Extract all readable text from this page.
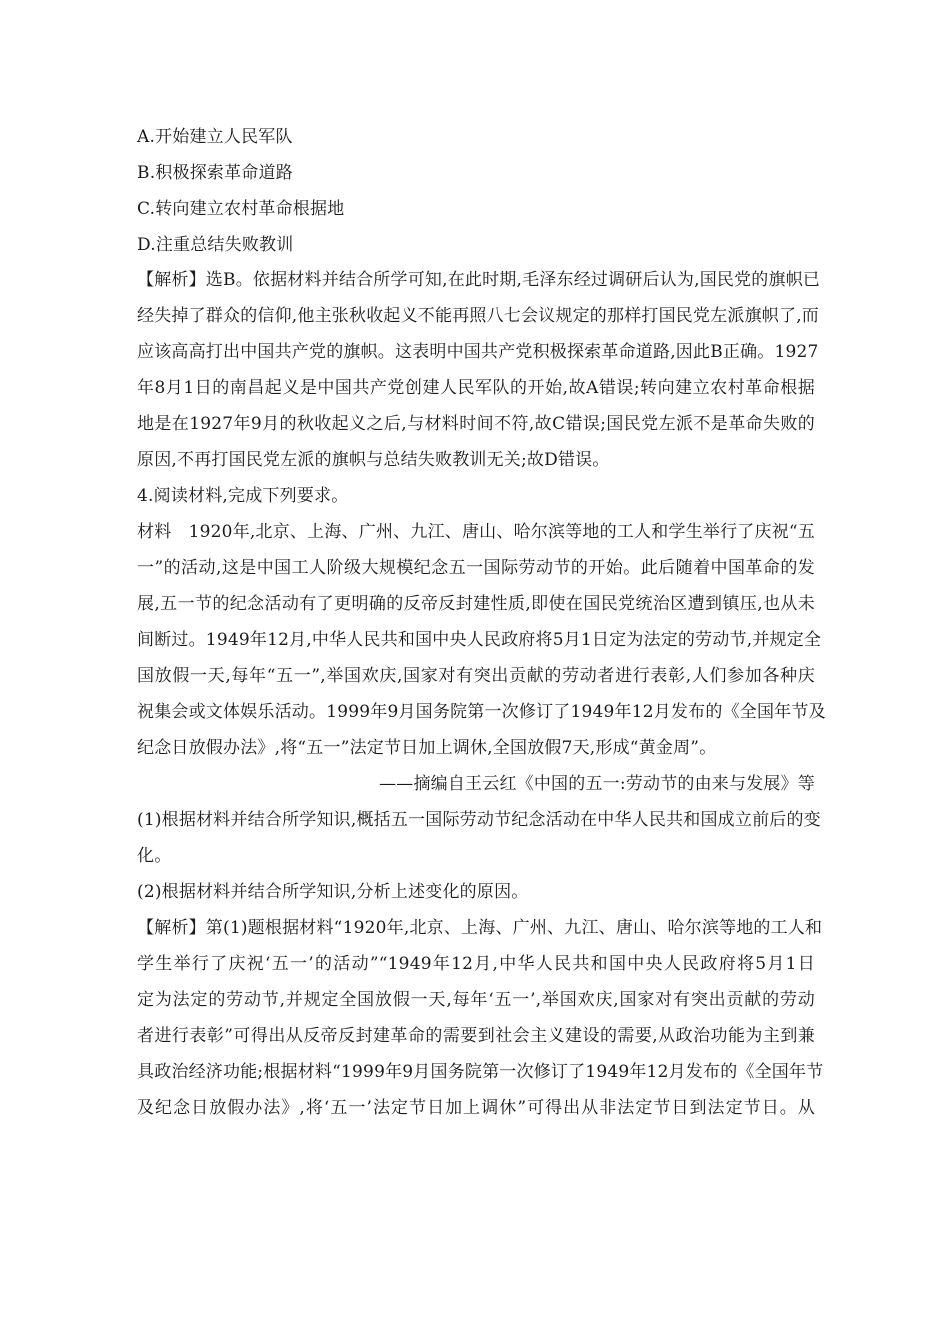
A.开始建立人民军队
B.积极探索革命道路
C.转向建立农村革命根据地
D.注重总结失败教训
【解析】选B。依据材料并结合所学可知,在此时期,毛泽东经过调研后认为,国民党的旗帜已
经失掉了群众的信仰,他主张秋收起义不能再照八七会议规定的那样打国民党左派旗帜了,而
应该高高打出中国共产党的旗帜。这表明中国共产党积极探索革命道路,因此B正确。1927
年8月1日的南昌起义是中国共产党创建人民军队的开始,故A错误;转向建立农村革命根据
地是在1927年9月的秋收起义之后,与材料时间不符,故C错误;国民党左派不是革命失败的
原因,不再打国民党左派的旗帜与总结失败教训无关;故D错误。
4.阅读材料,完成下列要求。
材料　1920年,北京、上海、广州、九江、唐山、哈尔滨等地的工人和学生举行了庆祝“五
一”的活动,这是中国工人阶级大规模纪念五一国际劳动节的开始。此后随着中国革命的发
展,五一节的纪念活动有了更明确的反帝反封建性质,即使在国民党统治区遭到镇压,也从未
间断过。1949年12月,中华人民共和国中央人民政府将5月1日定为法定的劳动节,并规定全
国放假一天,每年“五一”,举国欢庆,国家对有突出贡献的劳动者进行表彰,人们参加各种庆
祝集会或文体娱乐活动。1999年9月国务院第一次修订了1949年12月发布的《全国年节及
纪念日放假办法》,将“五一”法定节日加上调休,全国放假7天,形成“黄金周”。
——摘编自王云红《中国的五一:劳动节的由来与发展》等
(1)根据材料并结合所学知识,概括五一国际劳动节纪念活动在中华人民共和国成立前后的变
化。
(2)根据材料并结合所学知识,分析上述变化的原因。
【解析】第(1)题根据材料“1920年,北京、上海、广州、九江、唐山、哈尔滨等地的工人和
学生举行了庆祝‘五一’的活动”“1949年12月,中华人民共和国中央人民政府将5月1日
定为法定的劳动节,并规定全国放假一天,每年‘五一’,举国欢庆,国家对有突出贡献的劳动
者进行表彰”可得出从反帝反封建革命的需要到社会主义建设的需要,从政治功能为主到兼
具政治经济功能;根据材料“1999年9月国务院第一次修订了1949年12月发布的《全国年节
及纪念日放假办法》,将‘五一’法定节日加上调休”可得出从非法定节日到法定节日。从
